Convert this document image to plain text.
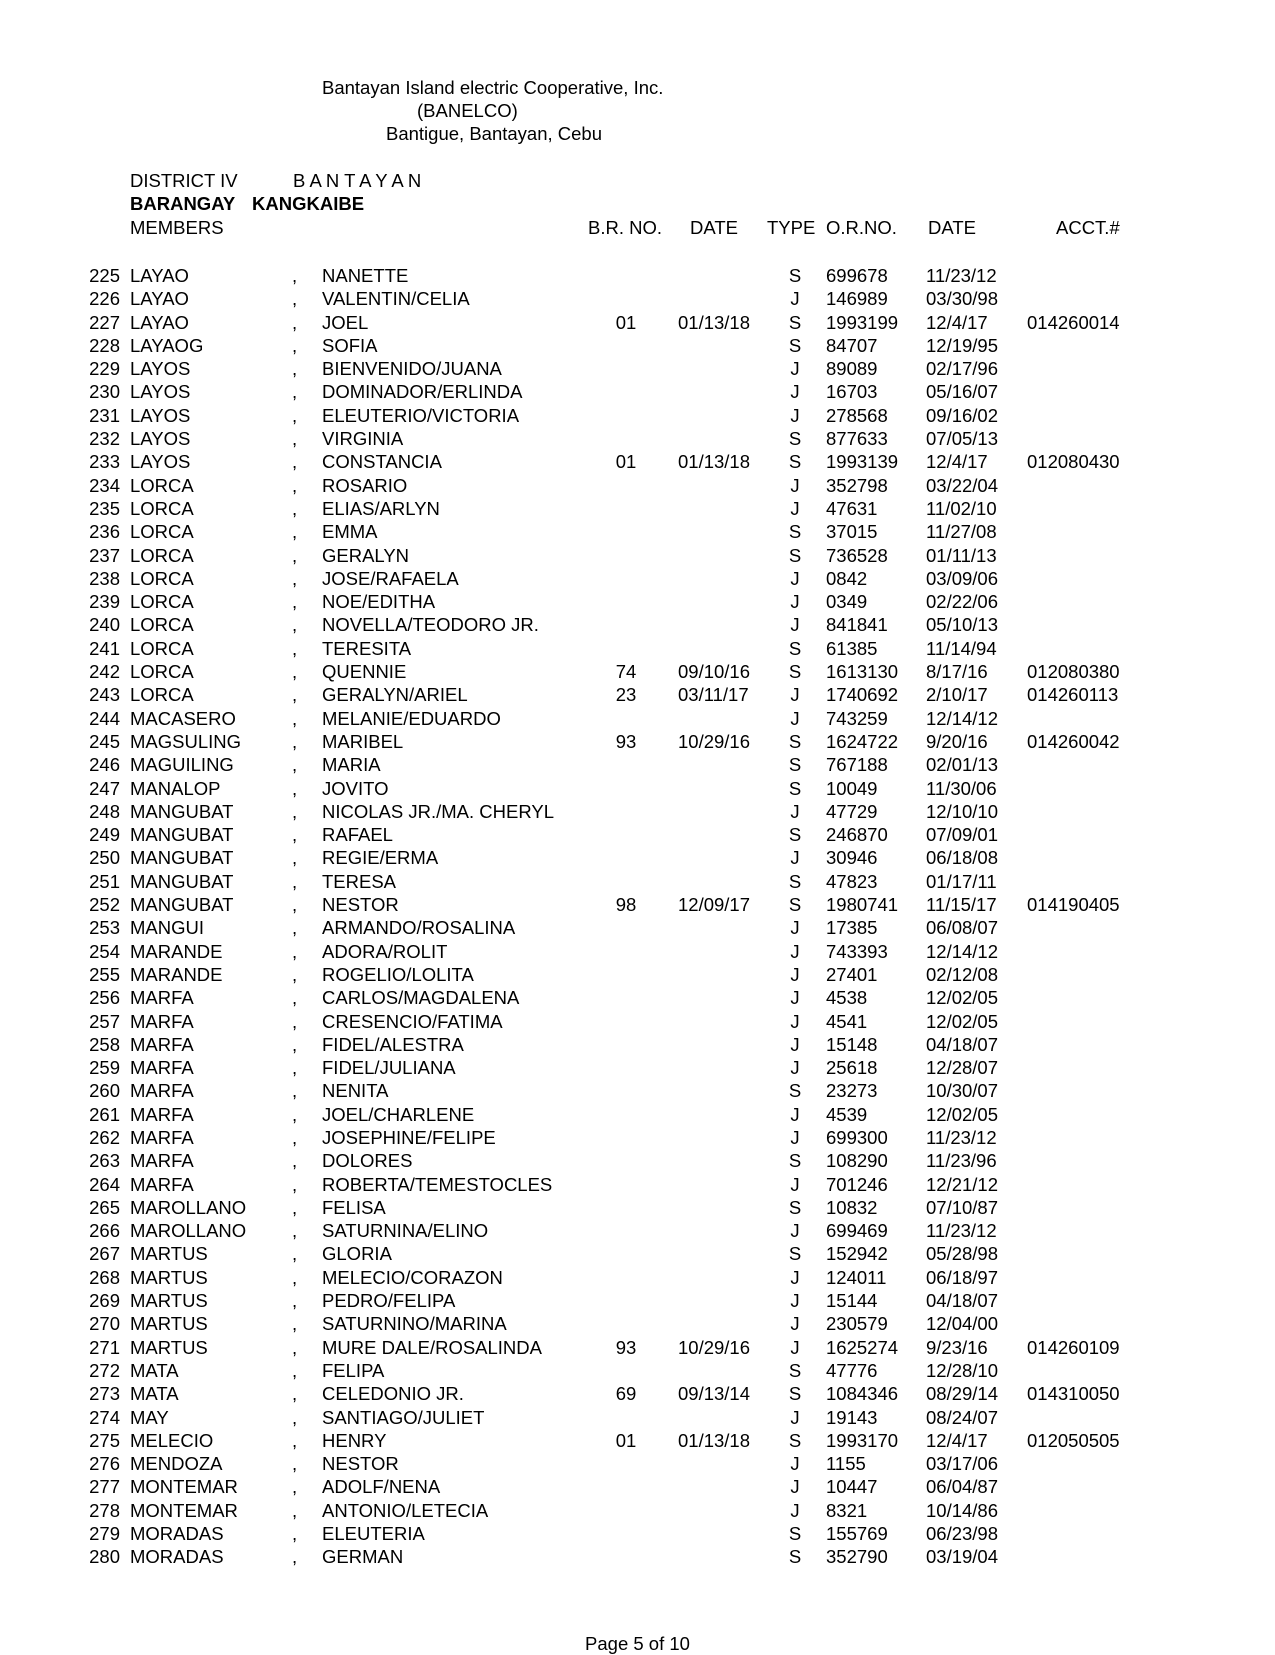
Bantayan Island electric Cooperative, Inc.
(BANELCO)
Bantigue, Bantayan, Cebu
DISTRICT IV	B A N T A Y A N
BARANGAY KANGKAIBE
MEMBERS	B.R. NO. DATE TYPE O.R.NO. DATE	ACCT.#
225 LAYAO	, NANETTE	S 699678 11/23/12
226 LAYAO	, VALENTIN/CELIA	J 146989 03/30/98
227 LAYAO	, JOEL	01 01/13/18 S 1993199 12/4/17 014260014
228 LAYAOG	, SOFIA	S 84707	12/19/95
229 LAYOS	, BIENVENIDO/JUANA	J 89089	02/17/96
230 LAYOS	, DOMINADOR/ERLINDA	J 16703	05/16/07
231 LAYOS	, ELEUTERIO/VICTORIA	J 278568 09/16/02
232 LAYOS	, VIRGINIA	S 877633 07/05/13
233 LAYOS	, CONSTANCIA	01 01/13/18 S 1993139 12/4/17 012080430
234 LORCA	, ROSARIO	J 352798 03/22/04
235 LORCA	, ELIAS/ARLYN	J 47631	11/02/10
236 LORCA	, EMMA	S 37015	11/27/08
237 LORCA	, GERALYN	S 736528 01/11/13
238 LORCA	, JOSE/RAFAELA	J 0842	03/09/06
239 LORCA	, NOE/EDITHA	J 0349	02/22/06
240 LORCA	, NOVELLA/TEODORO JR.	J 841841 05/10/13
241 LORCA	, TERESITA	S 61385	11/14/94
242 LORCA	, QUENNIE	74 09/10/16 S 1613130 8/17/16 012080380
243 LORCA	, GERALYN/ARIEL	23 03/11/17 J 1740692 2/10/17 014260113
244 MACASERO	, MELANIE/EDUARDO	J 743259 12/14/12
245 MAGSULING	, MARIBEL	93 10/29/16 S 1624722 9/20/16 014260042
246 MAGUILING	, MARIA	S 767188 02/01/13
247 MANALOP	, JOVITO	S 10049	11/30/06
248 MANGUBAT	, NICOLAS JR./MA. CHERYL	J 47729	12/10/10
249 MANGUBAT	, RAFAEL	S 246870 07/09/01
250 MANGUBAT	, REGIE/ERMA	J 30946	06/18/08
251 MANGUBAT	, TERESA	S 47823	01/17/11
252 MANGUBAT	, NESTOR	98 12/09/17 S 1980741 11/15/17 014190405
253 MANGUI	, ARMANDO/ROSALINA	J 17385	06/08/07
254 MARANDE	, ADORA/ROLIT	J 743393 12/14/12
255 MARANDE	, ROGELIO/LOLITA	J 27401	02/12/08
256 MARFA	, CARLOS/MAGDALENA	J 4538	12/02/05
257 MARFA	, CRESENCIO/FATIMA	J 4541	12/02/05
258 MARFA	, FIDEL/ALESTRA	J 15148	04/18/07
259 MARFA	, FIDEL/JULIANA	J 25618	12/28/07
260 MARFA	, NENITA	S 23273	10/30/07
261 MARFA	, JOEL/CHARLENE	J 4539	12/02/05
262 MARFA	, JOSEPHINE/FELIPE	J 699300 11/23/12
263 MARFA	, DOLORES	S 108290 11/23/96
264 MARFA	, ROBERTA/TEMESTOCLES	J 701246 12/21/12
265 MAROLLANO , FELISA	S 10832	07/10/87
266 MAROLLANO , SATURNINA/ELINO	J 699469 11/23/12
267 MARTUS	, GLORIA	S 152942 05/28/98
268 MARTUS	, MELECIO/CORAZON	J 124011 06/18/97
269 MARTUS	, PEDRO/FELIPA	J 15144	04/18/07
270 MARTUS	, SATURNINO/MARINA	J 230579 12/04/00
271 MARTUS	, MURE DALE/ROSALINDA	93 10/29/16 J 1625274 9/23/16 014260109
272 MATA	, FELIPA	S 47776	12/28/10
273 MATA	, CELEDONIO JR.	69 09/13/14 S 1084346 08/29/14 014310050
274 MAY	, SANTIAGO/JULIET	J 19143	08/24/07
275 MELECIO	, HENRY	01 01/13/18 S 1993170 12/4/17 012050505
276 MENDOZA	, NESTOR	J 1155	03/17/06
277 MONTEMAR	, ADOLF/NENA	J 10447	06/04/87
278 MONTEMAR	, ANTONIO/LETECIA	J 8321	10/14/86
279 MORADAS	, ELEUTERIA	S 155769 06/23/98
280 MORADAS	, GERMAN	S 352790 03/19/04
Page 5 of 10
